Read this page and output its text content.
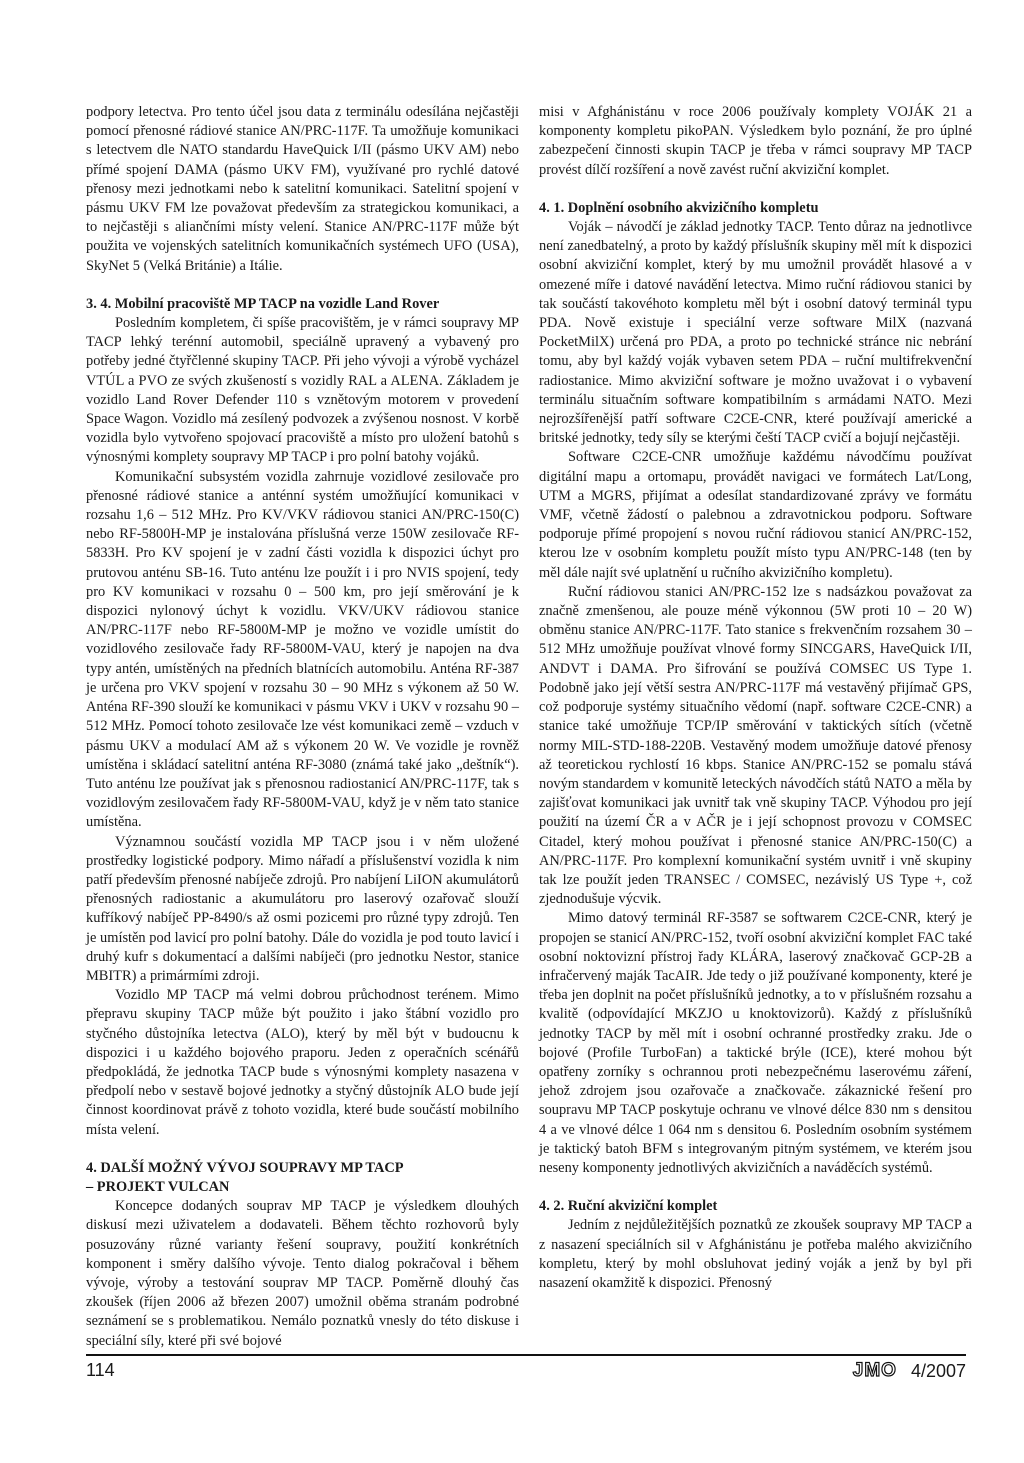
podpory letectva. Pro tento účel jsou data z terminálu odesílána nejčastěji pomocí přenosné rádiové stanice AN/PRC-117F. Ta umožňuje komunikaci s letectvem dle NATO standardu HaveQuick I/II (pásmo UKV AM) nebo přímé spojení DAMA (pásmo UKV FM), využívané pro rychlé datové přenosy mezi jednotkami nebo k satelitní komunikaci. Satelitní spojení v pásmu UKV FM lze považovat především za strategickou komunikaci, a to nejčastěji s aliančními místy velení. Stanice AN/PRC-117F může být použita ve vojenských satelitních komunikačních systémech UFO (USA), SkyNet 5 (Velká Británie) a Itálie.

3. 4. Mobilní pracoviště MP TACP na vozidle Land Rover

Posledním kompletem, či spíše pracovištěm, je v rámci soupravy MP TACP lehký terénní automobil, speciálně upravený a vybavený pro potřeby jedné čtyřčlenné skupiny TACP. Při jeho vývoji a výrobě vycházel VTÚL a PVO ze svých zkušeností s vozidly RAL a ALENA. Základem je vozidlo Land Rover Defender 110 s vznětovým motorem v provedení Space Wagon. Vozidlo má zesílený podvozek a zvýšenou nosnost. V korbě vozidla bylo vytvořeno spojovací pracoviště a místo pro uložení batohů s výnosnými komplety soupravy MP TACP i pro polní batohy vojáků.

Komunikační subsystém vozidla zahrnuje vozidlové zesilovače pro přenosné rádiové stanice a anténní systém umožňující komunikaci v rozsahu 1,6 – 512 MHz. Pro KV/VKV rádiovou stanici AN/PRC-150(C) nebo RF-5800H-MP je instalována příslušná verze 150W zesilovače RF-5833H. Pro KV spojení je v zadní části vozidla k dispozici úchyt pro prutovou anténu SB-16. Tuto anténu lze použít i i pro NVIS spojení, tedy pro KV komunikaci v rozsahu 0 – 500 km, pro její směrování je k dispozici nylonový úchyt k vozidlu. VKV/UKV rádiovou stanice AN/PRC-117F nebo RF-5800M-MP je možno ve vozidle umístit do vozidlového zesilovače řady RF-5800M-VAU, který je napojen na dva typy antén, umístěných na předních blatnících automobilu. Anténa RF-387 je určena pro VKV spojení v rozsahu 30 – 90 MHz s výkonem až 50 W. Anténa RF-390 slouží ke komunikaci v pásmu VKV i UKV v rozsahu 90 – 512 MHz. Pomocí tohoto zesilovače lze vést komunikaci země – vzduch v pásmu UKV a modulací AM až s výkonem 20 W. Ve vozidle je rovněž umístěna i skládací satelitní anténa RF-3080 (známá také jako „deštník“). Tuto anténu lze používat jak s přenosnou radiostanicí AN/PRC-117F, tak s vozidlovým zesilovačem řady RF-5800M-VAU, když je v něm tato stanice umístěna.

Významnou součástí vozidla MP TACP jsou i v něm uložené prostředky logistické podpory. Mimo nářadí a příslušenství vozidla k nim patří především přenosné nabíječe zdrojů. Pro nabíjení LiION akumulátorů přenosných radiostanic a akumulátoru pro laserový ozařovač slouží kufříkový nabíječ PP-8490/s až osmi pozicemi pro různé typy zdrojů. Ten je umístěn pod lavicí pro polní batohy. Dále do vozidla je pod touto lavicí i druhý kufr s dokumentací a dalšími nabíječi (pro jednotku Nestor, stanice MBITR) a primármími zdroji.

Vozidlo MP TACP má velmi dobrou průchodnost terénem. Mimo přepravu skupiny TACP může být použito i jako štábní vozidlo pro styčného důstojníka letectva (ALO), který by měl být v budoucnu k dispozici i u každého bojového praporu. Jeden z operačních scénářů předpokládá, že jednotka TACP bude s výnosnými komplety nasazena v předpolí nebo v sestavě bojové jednotky a styčný důstojník ALO bude její činnost koordinovat právě z tohoto vozidla, které bude součástí mobilního místa velení.

4. DALŠÍ MOŽNÝ VÝVOJ SOUPRAVY MP TACP
– PROJEKT VULCAN

Koncepce dodaných souprav MP TACP je výsledkem dlouhých diskusí mezi uživatelem a dodavateli. Během těchto rozhovorů byly posuzovány různé varianty řešení soupravy, použití konkrétních komponent i směry dalšího vývoje. Tento dialog pokračoval i během vývoje, výroby a testování souprav MP TACP. Poměrně dlouhý čas zkoušek (říjen 2006 až březen 2007) umožnil oběma stranám podrobné seznámení se s problematikou. Nemálo poznatků vnesly do této diskuse i speciální síly, které při své bojové

misi v Afghánistánu v roce 2006 používaly komplety VOJÁK 21 a komponenty kompletu pikoPAN. Výsledkem bylo poznání, že pro úplné zabezpečení činnosti skupin TACP je třeba v rámci soupravy MP TACP provést dílčí rozšíření a nově zavést ruční akviziční komplet.

4. 1. Doplnění osobního akvizičního kompletu

Voják – návodčí je základ jednotky TACP. Tento důraz na jednotlivce není zanedbatelný, a proto by každý příslušník skupiny měl mít k dispozici osobní akviziční komplet, který by mu umožnil provádět hlasové a v omezené míře i datové navádění letectva. Mimo ruční rádiovou stanici by tak součástí takovéhoto kompletu měl být i osobní datový terminál typu PDA. Nově existuje i speciální verze software MilX (nazvaná PocketMilX) určená pro PDA, a proto po technické stránce nic nebrání tomu, aby byl každý voják vybaven setem PDA – ruční multifrekvenční radiostanice. Mimo akviziční software je možno uvažovat i o vybavení terminálu situačním software kompatibilním s armádami NATO. Mezi nejrozšířenější patří software C2CE-CNR, které používají americké a britské jednotky, tedy síly se kterými čeští TACP cvičí a bojují nejčastěji.

Software C2CE-CNR umožňuje každému návodčímu používat digitální mapu a ortomapu, provádět navigaci ve formátech Lat/Long, UTM a MGRS, přijímat a odesílat standardizované zprávy ve formátu VMF, včetně žádostí o palebnou a zdravotnickou podporu. Software podporuje přímé propojení s novou ruční rádiovou stanicí AN/PRC-152, kterou lze v osobním kompletu použít místo typu AN/PRC-148 (ten by měl dále najít své uplatnění u ručního akvizičního kompletu).

Ruční rádiovou stanici AN/PRC-152 lze s nadsázkou považovat za značně zmenšenou, ale pouze méně výkonnou (5W proti 10 – 20 W) obměnu stanice AN/PRC-117F. Tato stanice s frekvenčním rozsahem 30 – 512 MHz umožňuje používat vlnové formy SINCGARS, HaveQuick I/II, ANDVT i DAMA. Pro šifrování se používá COMSEC US Type 1. Podobně jako její větší sestra AN/PRC-117F má vestavěný přijímač GPS, což podporuje systémy situačního vědomí (např. software C2CE-CNR) a stanice také umožňuje TCP/IP směrování v taktických sítích (včetně normy MIL-STD-188-220B. Vestavěný modem umožňuje datové přenosy až teoretickou rychlostí 16 kbps. Stanice AN/PRC-152 se pomalu stává novým standardem v komunitě leteckých návodčích států NATO a měla by zajišťovat komunikaci jak uvnitř tak vně skupiny TACP. Výhodou pro její použití na území ČR a v AČR je i její schopnost provozu v COMSEC Citadel, který mohou používat i přenosné stanice AN/PRC-150(C) a AN/PRC-117F. Pro komplexní komunikační systém uvnitř i vně skupiny tak lze použít jeden TRANSEC / COMSEC, nezávislý US Type +, což zjednodušuje výcvik.

Mimo datový terminál RF-3587 se softwarem C2CE-CNR, který je propojen se stanicí AN/PRC-152, tvoří osobní akviziční komplet FAC také osobní noktovizní přístroj řady KLÁRA, laserový značkovač GCP-2B a infračervený maják TacAIR. Jde tedy o již používané komponenty, které je třeba jen doplnit na počet příslušníků jednotky, a to v příslušném rozsahu a kvalitě (odpovídající MKZJO u knoktovizorů). Každý z příslušníků jednotky TACP by měl mít i osobní ochranné prostředky zraku. Jde o bojové (Profile TurboFan) a taktické brýle (ICE), které mohou být opatřeny zorníky s ochrannou proti nebezpečnému laserovému záření, jehož zdrojem jsou ozařovače a značkovače. zákaznické řešení pro soupravu MP TACP poskytuje ochranu ve vlnové délce 830 nm s densitou 4 a ve vlnové délce 1 064 nm s densitou 6. Posledním osobním systémem je taktický batoh BFM s integrovaným pitným systémem, ve kterém jsou neseny komponenty jednotlivých akvizičních a naváděcích systémů.

4. 2. Ruční akviziční komplet

Jedním z nejdůležitějších poznatků ze zkoušek soupravy MP TACP a z nasazení speciálních sil v Afghánistánu je potřeba malého akvizičního kompletu, který by mohl obsluhovat jediný voják a jenž by byl při nasazení okamžitě k dispozici. Přenosný

114	JMO 4/2007
